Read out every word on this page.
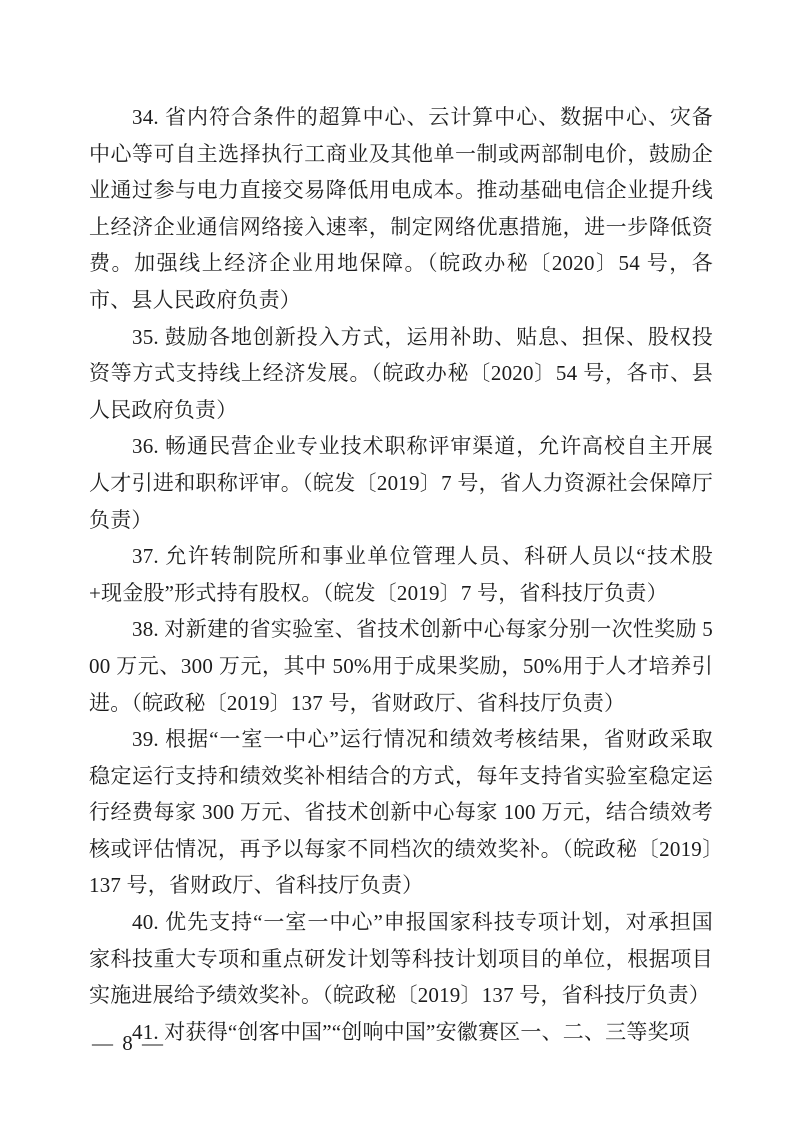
34. 省内符合条件的超算中心、云计算中心、数据中心、灾备中心等可自主选择执行工商业及其他单一制或两部制电价，鼓励企业通过参与电力直接交易降低用电成本。推动基础电信企业提升线上经济企业通信网络接入速率，制定网络优惠措施，进一步降低资费。加强线上经济企业用地保障。（皖政办秘〔2020〕54 号，各市、县人民政府负责）

35. 鼓励各地创新投入方式，运用补助、贴息、担保、股权投资等方式支持线上经济发展。（皖政办秘〔2020〕54 号，各市、县人民政府负责）

36. 畅通民营企业专业技术职称评审渠道，允许高校自主开展人才引进和职称评审。（皖发〔2019〕7 号，省人力资源社会保障厅负责）

37. 允许转制院所和事业单位管理人员、科研人员以“技术股+现金股”形式持有股权。（皖发〔2019〕7 号，省科技厅负责）

38. 对新建的省实验室、省技术创新中心每家分别一次性奖励 500 万元、300 万元，其中 50%用于成果奖励，50%用于人才培养引进。（皖政秘〔2019〕137 号，省财政厅、省科技厅负责）

39. 根据“一室一中心”运行情况和绩效考核结果，省财政采取稳定运行支持和绩效奖补相结合的方式，每年支持省实验室稳定运行经费每家 300 万元、省技术创新中心每家 100 万元，结合绩效考核或评估情况，再予以每家不同档次的绩效奖补。（皖政秘〔2019〕137 号，省财政厅、省科技厅负责）

40. 优先支持“一室一中心”申报国家科技专项计划，对承担国家科技重大专项和重点研发计划等科技计划项目的单位，根据项目实施进展给予绩效奖补。（皖政秘〔2019〕137 号，省科技厅负责）

41. 对获得“创客中国”“创响中国”安徽赛区一、二、三等奖项

— 8 —
